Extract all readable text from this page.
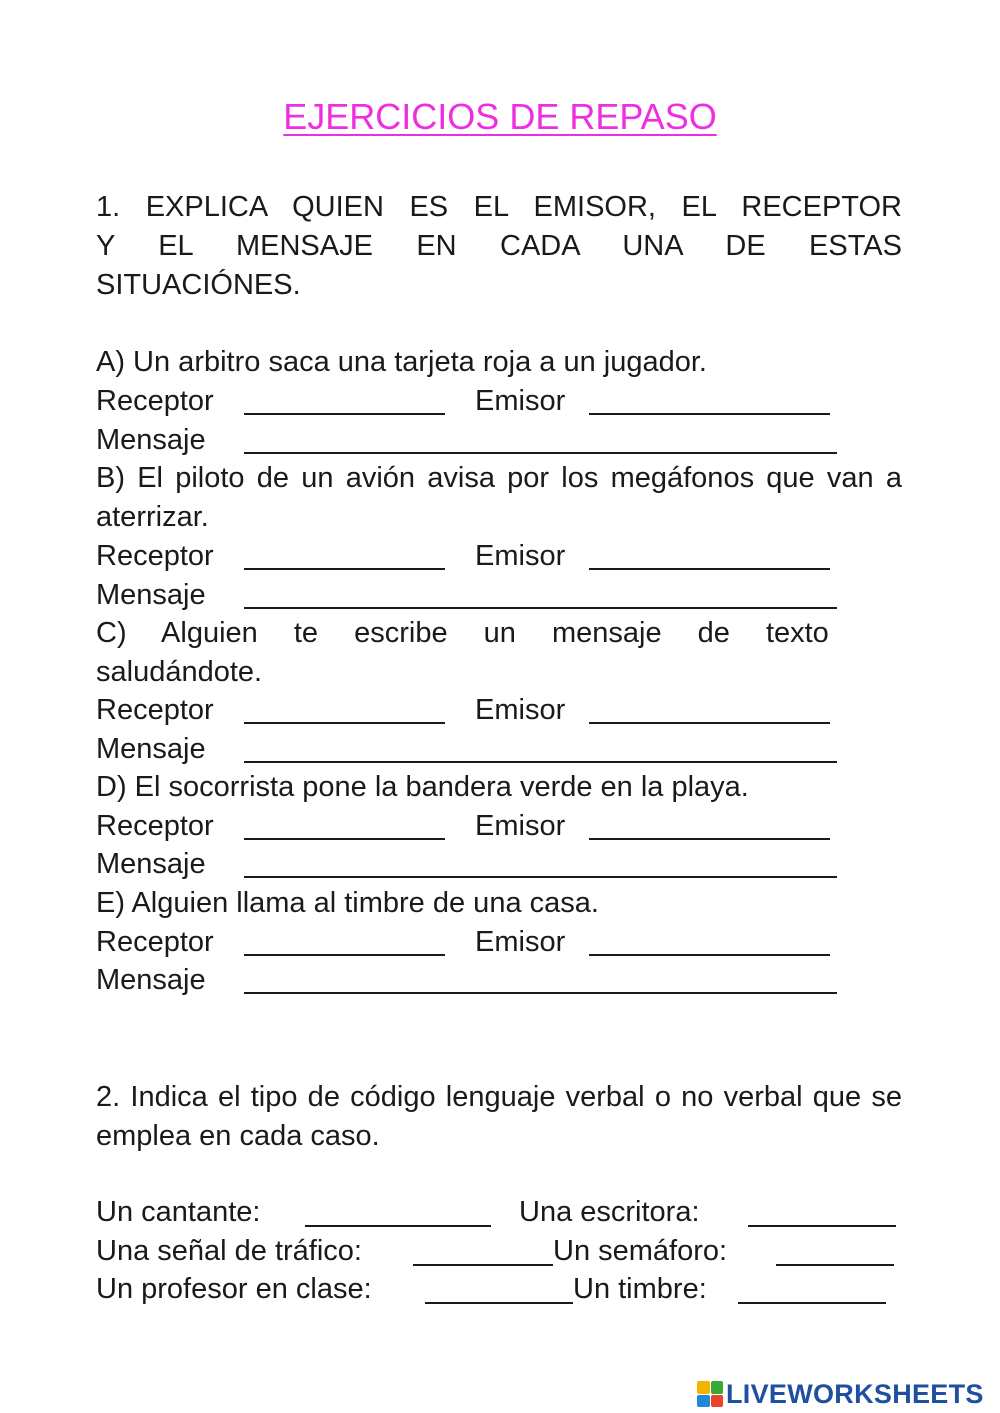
EJERCICIOS DE REPASO
1. EXPLICA QUIEN ES EL EMISOR, EL RECEPTOR
Y EL MENSAJE EN CADA UNA DE ESTAS
SITUACIÓNES.
A) Un arbitro saca una tarjeta roja a un jugador.
Receptor	Emisor
Mensaje
B) El piloto de un avión avisa por los megáfonos que van a aterrizar.
Receptor	Emisor
Mensaje
C) Alguien te escribe un mensaje de texto saludándote.
Receptor	Emisor
Mensaje
D) El socorrista pone la bandera verde en la playa.
Receptor	Emisor
Mensaje
E) Alguien llama al timbre de una casa.
Receptor	Emisor
Mensaje
2. Indica el tipo de código lenguaje verbal o no verbal que se emplea en cada caso.
Un cantante:	Una escritora:
Una señal de tráfico:	Un semáforo:
Un profesor en clase:	Un timbre:
LIVEWORKSHEETS
